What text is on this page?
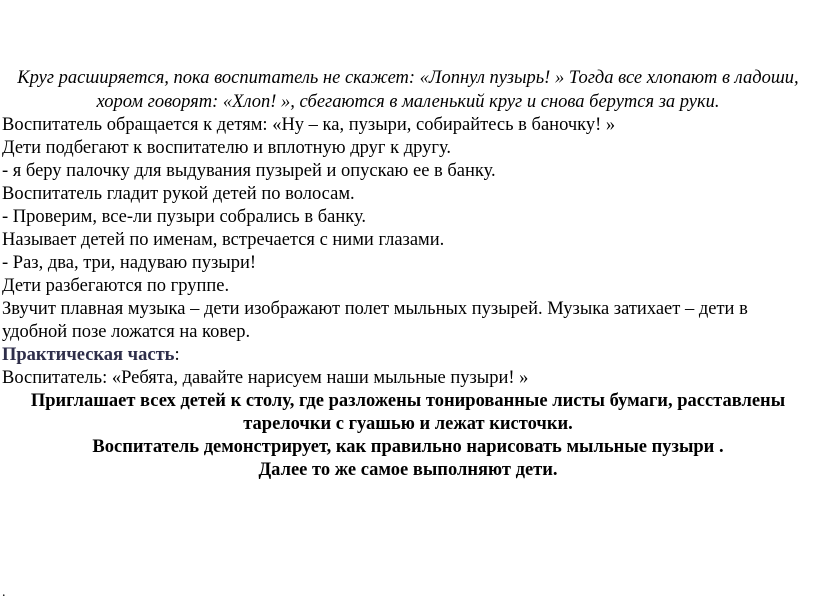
Круг расширяется, пока воспитатель не скажет: «Лопнул пузырь! » Тогда все хлопают в ладоши, хором говорят: «Хлоп! », сбегаются в маленький круг и снова берутся за руки.

Воспитатель обращается к детям: «Ну – ка, пузыри, собирайтесь в баночку! »

Дети подбегают к воспитателю и вплотную друг к другу.

- я беру палочку для выдувания пузырей и опускаю ее в банку.

Воспитатель гладит рукой детей по волосам.

- Проверим, все-ли пузыри собрались в банку.

Называет детей по именам, встречается с ними глазами.

- Раз, два, три, надуваю пузыри!

Дети разбегаются по группе.

Звучит плавная музыка – дети изображают полет мыльных пузырей. Музыка затихает – дети в удобной позе ложатся на ковер.

Практическая часть:

Воспитатель: «Ребята, давайте нарисуем наши мыльные пузыри! »

Приглашает всех детей к столу, где разложены тонированные листы бумаги, расставлены тарелочки с гуашью и лежат кисточки.

Воспитатель демонстрирует, как правильно нарисовать мыльные пузыри .

Далее то же самое выполняют дети.

.
